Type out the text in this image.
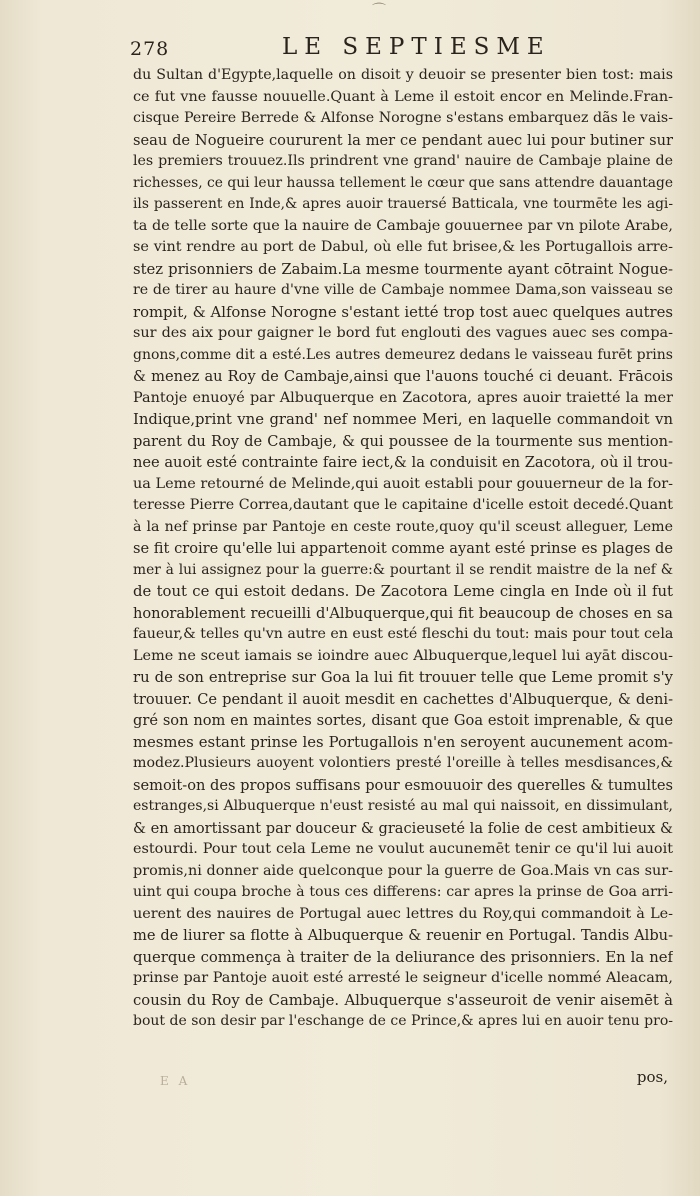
⌒
278	LE SEPTIESME
du Sultan d'Egypte,laquelle on disoit y deuoir se presenter bien tost: mais
ce fut vne fausse nouuelle.Quant à Leme il estoit encor en Melinde.Fran-
cisque Pereire Berrede & Alfonse Norogne s'estans embarquez dãs le vais-
seau de Nogueire coururent la mer ce pendant auec lui pour butiner sur
les premiers trouuez.Ils prindrent vne grand' nauire de Cambaje plaine de
richesses, ce qui leur haussa tellement le cœur que sans attendre dauantage
ils passerent en Inde,& apres auoir trauersé Batticala, vne tourmēte les agi-
ta de telle sorte que la nauire de Cambaje gouuernee par vn pilote Arabe,
se vint rendre au port de Dabul, où elle fut brisee,& les Portugallois arre-
stez prisonniers de Zabaim.La mesme tourmente ayant cōtraint Nogue-
re de tirer au haure d'vne ville de Cambaje nommee Dama,son vaisseau se
rompit, & Alfonse Norogne s'estant ietté trop tost auec quelques autres
sur des aix pour gaigner le bord fut englouti des vagues auec ses compa-
gnons,comme dit a esté.Les autres demeurez dedans le vaisseau furēt prins
& menez au Roy de Cambaje,ainsi que l'auons touché ci deuant. Frācois
Pantoje enuoyé par Albuquerque en Zacotora, apres auoir traietté la mer
Indique,print vne grand' nef nommee Meri, en laquelle commandoit vn
parent du Roy de Cambaje, & qui poussee de la tourmente sus mention-
nee auoit esté contrainte faire iect,& la conduisit en Zacotora, où il trou-
ua Leme retourné de Melinde,qui auoit establi pour gouuerneur de la for-
teresse Pierre Correa,dautant que le capitaine d'icelle estoit decedé.Quant
à la nef prinse par Pantoje en ceste route,quoy qu'il sceust alleguer, Leme
se fit croire qu'elle lui appartenoit comme ayant esté prinse es plages de
mer à lui assignez pour la guerre:& pourtant il se rendit maistre de la nef &
de tout ce qui estoit dedans. De Zacotora Leme cingla en Inde où il fut
honorablement recueilli d'Albuquerque,qui fit beaucoup de choses en sa
faueur,& telles qu'vn autre en eust esté fleschi du tout: mais pour tout cela
Leme ne sceut iamais se ioindre auec Albuquerque,lequel lui ayāt discou-
ru de son entreprise sur Goa la lui fit trouuer telle que Leme promit s'y
trouuer. Ce pendant il auoit mesdit en cachettes d'Albuquerque, & deni-
gré son nom en maintes sortes, disant que Goa estoit imprenable, & que
mesmes estant prinse les Portugallois n'en seroyent aucunement acom-
modez.Plusieurs auoyent volontiers presté l'oreille à telles mesdisances,&
semoit-on des propos suffisans pour esmouuoir des querelles & tumultes
estranges,si Albuquerque n'eust resisté au mal qui naissoit, en dissimulant,
& en amortissant par douceur & gracieuseté la folie de cest ambitieux &
estourdi. Pour tout cela Leme ne voulut aucunemēt tenir ce qu'il lui auoit
promis,ni donner aide quelconque pour la guerre de Goa.Mais vn cas sur-
uint qui coupa broche à tous ces differens: car apres la prinse de Goa arri-
uerent des nauires de Portugal auec lettres du Roy,qui commandoit à Le-
me de liurer sa flotte à Albuquerque & reuenir en Portugal. Tandis Albu-
querque commença à traiter de la deliurance des prisonniers. En la nef
prinse par Pantoje auoit esté arresté le seigneur d'icelle nommé Aleacam,
cousin du Roy de Cambaje. Albuquerque s'asseuroit de venir aisemēt à
bout de son desir par l'eschange de ce Prince,& apres lui en auoir tenu pro-
E A	pos,
